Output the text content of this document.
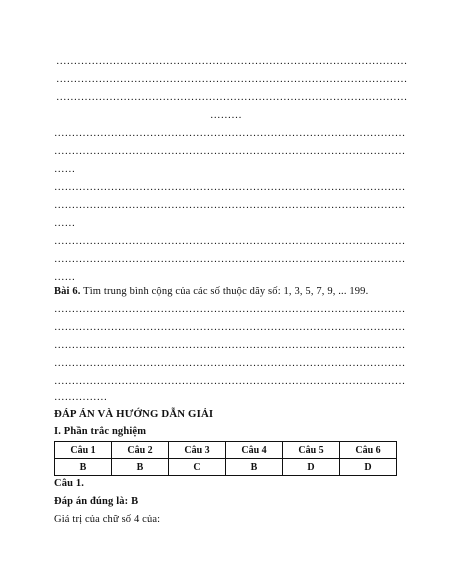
………………………………………………………………………………………
………………………………………………………………………………………
………………………………………………………………………………………
………
………………………………………………………………………………………
………………………………………………………………………………………
……
………………………………………………………………………………………
………………………………………………………………………………………
……
………………………………………………………………………………………
………………………………………………………………………………………
……
Bài 6. Tìm trung bình cộng của các số thuộc dãy số: 1, 3, 5, 7, 9, ... 199.
………………………………………………………………………………………
………………………………………………………………………………………
………………………………………………………………………………………
………………………………………………………………………………………
………………………………………………………………………………………
……………
ĐÁP ÁN VÀ HƯỚNG DẪN GIẢI
I. Phần trắc nghiệm
Câu 1	Câu 2	Câu 3	Câu 4	Câu 5	Câu 6
B	B	C	B	D	D
Câu 1.
Đáp án đúng là: B
Giá trị của chữ số 4 của:
